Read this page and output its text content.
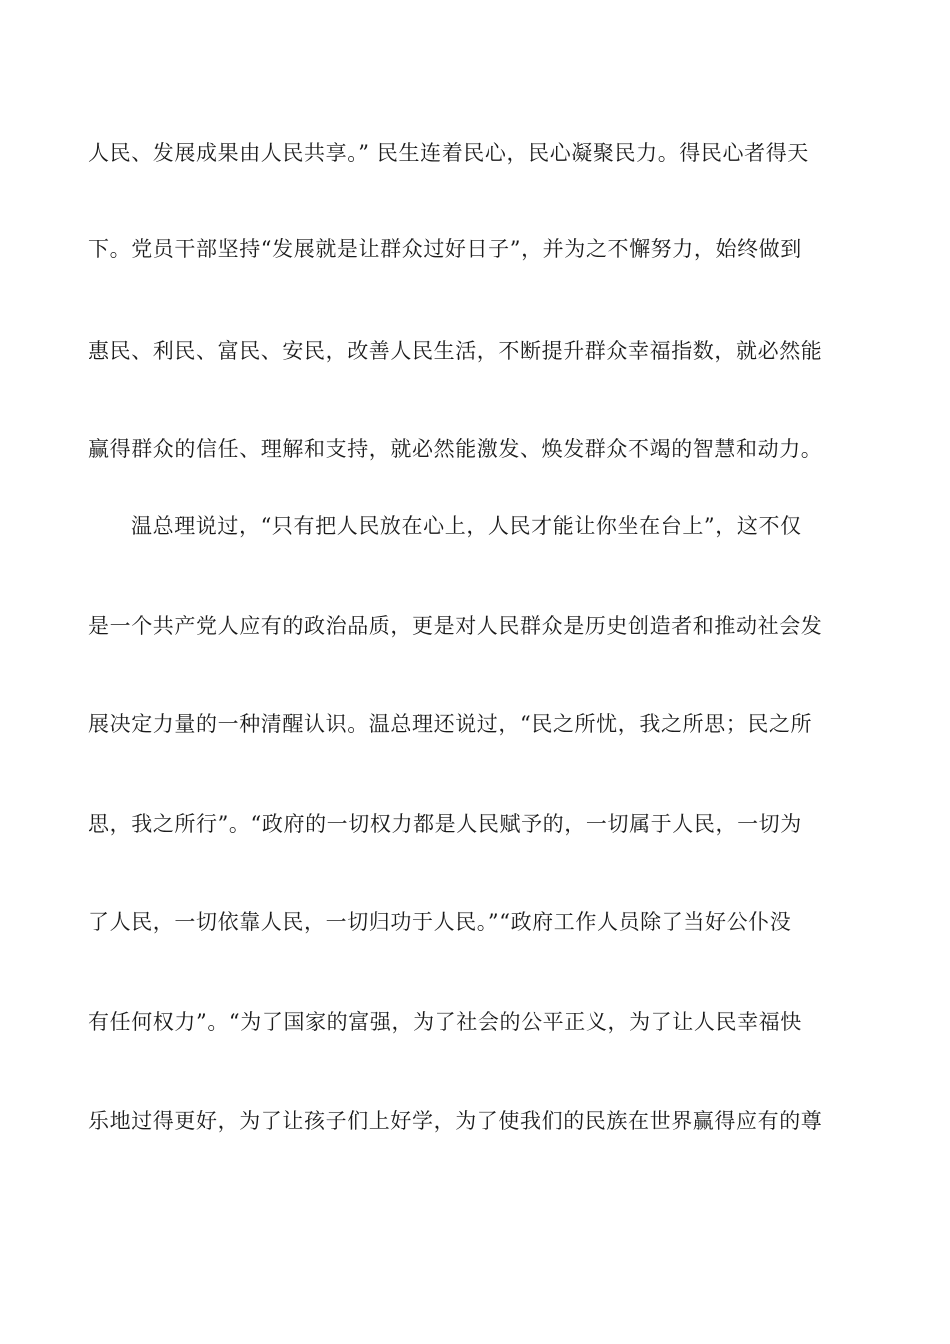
人民、发展成果由人民共享。” 民生连着民心，民心凝聚民力。得民心者得天
下。党员干部坚持“发展就是让群众过好日子”，并为之不懈努力，始终做到
惠民、利民、富民、安民，改善人民生活，不断提升群众幸福指数，就必然能
赢得群众的信任、理解和支持，就必然能激发、焕发群众不竭的智慧和动力。
温总理说过，“只有把人民放在心上，人民才能让你坐在台上”，这不仅
是一个共产党人应有的政治品质，更是对人民群众是历史创造者和推动社会发
展决定力量的一种清醒认识。温总理还说过，“民之所忧，我之所思；民之所
思，我之所行”。“政府的一切权力都是人民赋予的，一切属于人民，一切为
了人民，一切依靠人民，一切归功于人民。”“政府工作人员除了当好公仆没
有任何权力”。“为了国家的富强，为了社会的公平正义，为了让人民幸福快
乐地过得更好，为了让孩子们上好学，为了使我们的民族在世界赢得应有的尊
